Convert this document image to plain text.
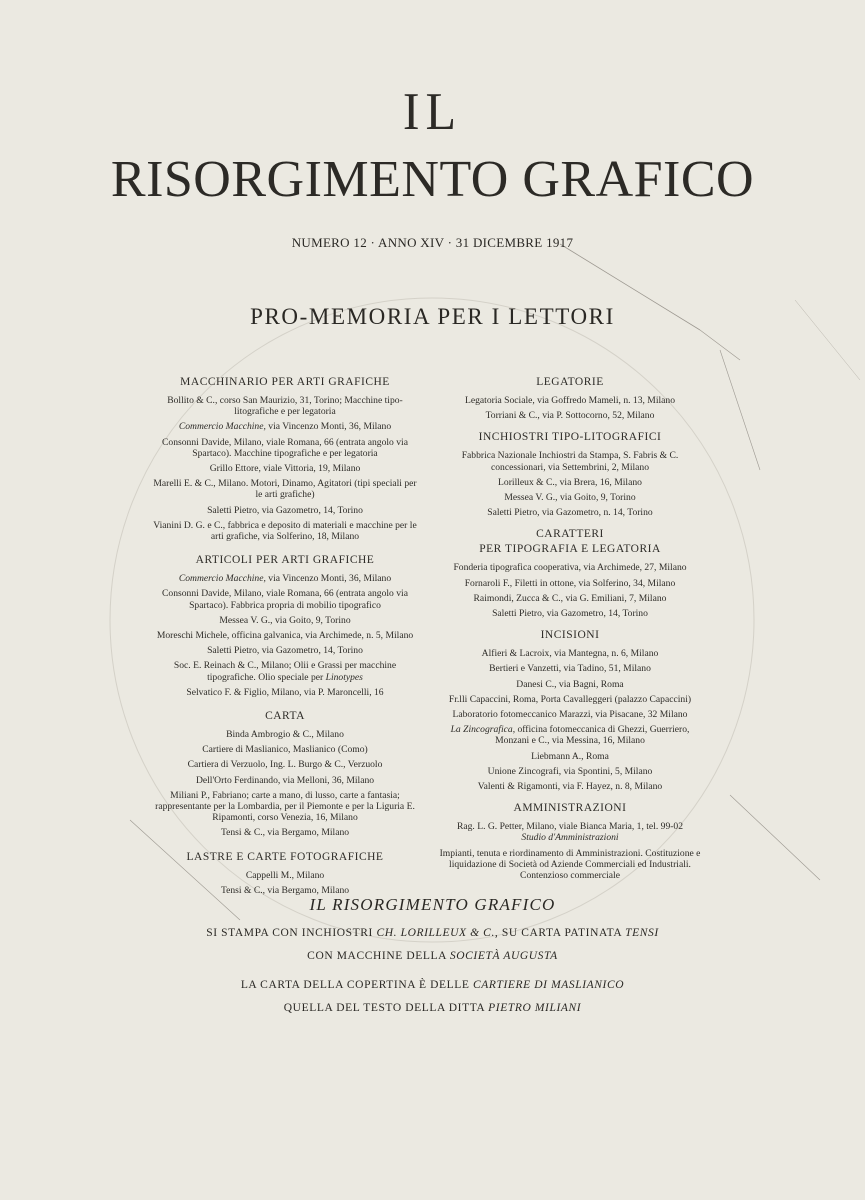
IL
RISORGIMENTO GRAFICO
NUMERO 12 · ANNO XIV · 31 DICEMBRE 1917
PRO-MEMORIA PER I LETTORI
MACCHINARIO PER ARTI GRAFICHE
Bollito & C., corso San Maurizio, 31, Torino; Macchine tipo-litografiche e per legatoria
Commercio Macchine, via Vincenzo Monti, 36, Milano
Consonni Davide, Milano, viale Romana, 66 (entrata angolo via Spartaco). Macchine tipografiche e per legatoria
Grillo Ettore, viale Vittoria, 19, Milano
Marelli E. & C., Milano. Motori, Dinamo, Agitatori (tipi speciali per le arti grafiche)
Saletti Pietro, via Gazometro, 14, Torino
Vianini D. G. e C., fabbrica e deposito di materiali e macchine per le arti grafiche, via Solferino, 18, Milano
ARTICOLI PER ARTI GRAFICHE
Commercio Macchine, via Vincenzo Monti, 36, Milano
Consonni Davide, Milano, viale Romana, 66 (entrata angolo via Spartaco). Fabbrica propria di mobilio tipografico
Messea V. G., via Goito, 9, Torino
Moreschi Michele, officina galvanica, via Archimede, n. 5, Milano
Saletti Pietro, via Gazometro, 14, Torino
Soc. E. Reinach & C., Milano; Olii e Grassi per macchine tipografiche. Olio speciale per Linotypes
Selvatico F. & Figlio, Milano, via P. Maroncelli, 16
CARTA
Binda Ambrogio & C., Milano
Cartiere di Maslianico, Maslianico (Como)
Cartiera di Verzuolo, Ing. L. Burgo & C., Verzuolo
Dell'Orto Ferdinando, via Melloni, 36, Milano
Miliani P., Fabriano; carte a mano, di lusso, carte a fantasia; rappresentante per la Lombardia, per il Piemonte e per la Liguria E. Ripamonti, corso Venezia, 16, Milano
Tensi & C., via Bergamo, Milano
LASTRE E CARTE FOTOGRAFICHE
Cappelli M., Milano
Tensi & C., via Bergamo, Milano
LEGATORIE
Legatoria Sociale, via Goffredo Mameli, n. 13, Milano
Torriani & C., via P. Sottocorno, 52, Milano
INCHIOSTRI TIPO-LITOGRAFICI
Fabbrica Nazionale Inchiostri da Stampa, S. Fabris & C. concessionari, via Settembrini, 2, Milano
Lorilleux & C., via Brera, 16, Milano
Messea V. G., via Goito, 9, Torino
Saletti Pietro, via Gazometro, n. 14, Torino
CARATTERI
PER TIPOGRAFIA E LEGATORIA
Fonderia tipografica cooperativa, via Archimede, 27, Milano
Fornaroli F., Filetti in ottone, via Solferino, 34, Milano
Raimondi, Zucca & C., via G. Emiliani, 7, Milano
Saletti Pietro, via Gazometro, 14, Torino
INCISIONI
Alfieri & Lacroix, via Mantegna, n. 6, Milano
Bertieri e Vanzetti, via Tadino, 51, Milano
Danesi C., via Bagni, Roma
Fr.lli Capaccini, Roma, Porta Cavalleggeri (palazzo Capaccini)
Laboratorio fotomeccanico Marazzi, via Pisacane, 32 Milano
La Zincografica, officina fotomeccanica di Ghezzi, Guerriero, Monzani e C., via Messina, 16, Milano
Liebmann A., Roma
Unione Zincografi, via Spontini, 5, Milano
Valenti & Rigamonti, via F. Hayez, n. 8, Milano
AMMINISTRAZIONI
Rag. L. G. Petter, Milano, viale Bianca Maria, 1, tel. 99-02
Studio d'Amministrazioni
Impianti, tenuta e riordinamento di Amministrazioni. Costituzione e liquidazione di Società od Aziende Commerciali ed Industriali. Contenzioso commerciale
IL RISORGIMENTO GRAFICO
SI STAMPA CON INCHIOSTRI CH. LORILLEUX & C., SU CARTA PATINATA TENSI
CON MACCHINE DELLA SOCIETÀ AUGUSTA
LA CARTA DELLA COPERTINA È DELLE CARTIERE DI MASLIANICO
QUELLA DEL TESTO DELLA DITTA PIETRO MILIANI
